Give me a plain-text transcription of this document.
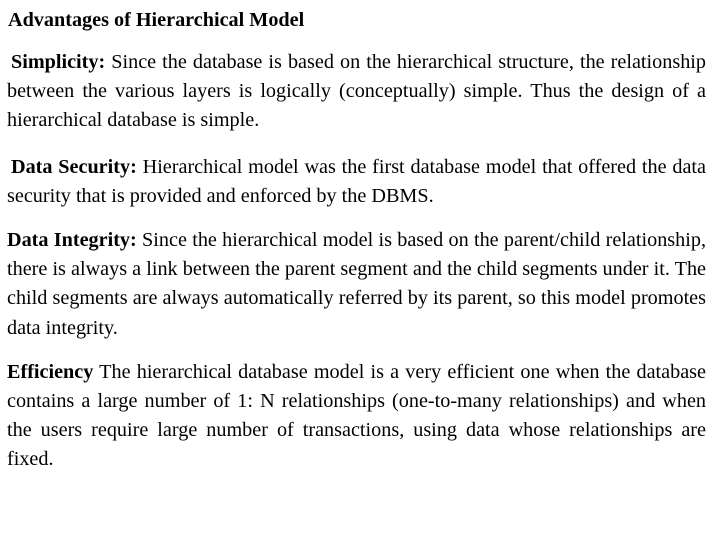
Advantages of Hierarchical Model

Simplicity: Since the database is based on the hierarchical structure, the relationship between the various layers is logically (conceptually) simple. Thus the design of a hierarchical database is simple.

Data Security: Hierarchical model was the first database model that offered the data security that is provided and enforced by the DBMS.

Data Integrity: Since the hierarchical model is based on the parent/child relationship, there is always a link between the parent segment and the child segments under it. The child segments are always automatically referred by its parent, so this model promotes data integrity.

Efficiency The hierarchical database model is a very efficient one when the database contains a large number of 1: N relationships (one-to-many relationships) and when the users require large number of transactions, using data whose relationships are fixed.
